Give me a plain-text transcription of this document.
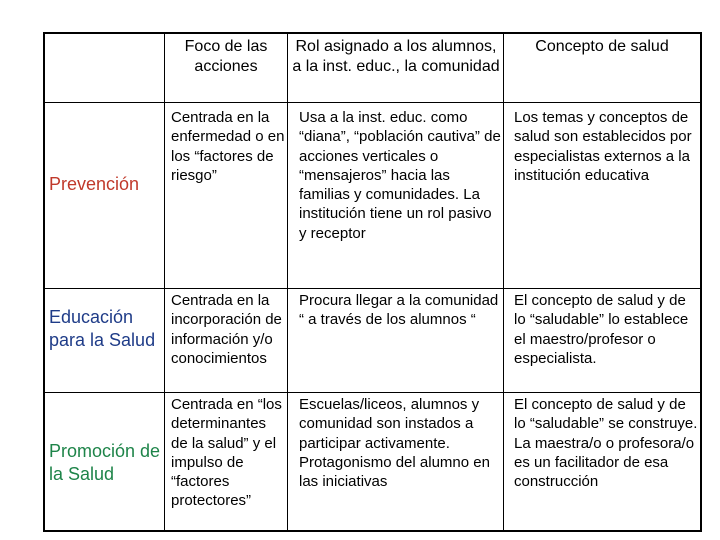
Foco de las acciones
Rol asignado a los alumnos, a la inst. educ., la comunidad
Concepto de salud
Prevención
Centrada en la enfermedad o en los “factores de riesgo”
Usa a la inst. educ. como “diana”, “población cautiva” de acciones verticales o “mensajeros” hacia las familias y comunidades. La institución tiene un rol pasivo y receptor
Los temas y conceptos de salud son establecidos por especialistas externos a la institución educativa
Educación para la Salud
Centrada en la incorporación de información y/o conocimientos
Procura llegar a la comunidad “ a través de los alumnos “
El concepto de salud y de lo “saludable” lo establece el maestro/profesor o especialista.
Promoción de la Salud
Centrada en “los determinantes de la salud” y el impulso de “factores protectores”
Escuelas/liceos, alumnos y comunidad son instados a participar activamente. Protagonismo del alumno en las iniciativas
El concepto de salud y de lo “saludable” se construye. La maestra/o o profesora/o es un facilitador de esa construcción
